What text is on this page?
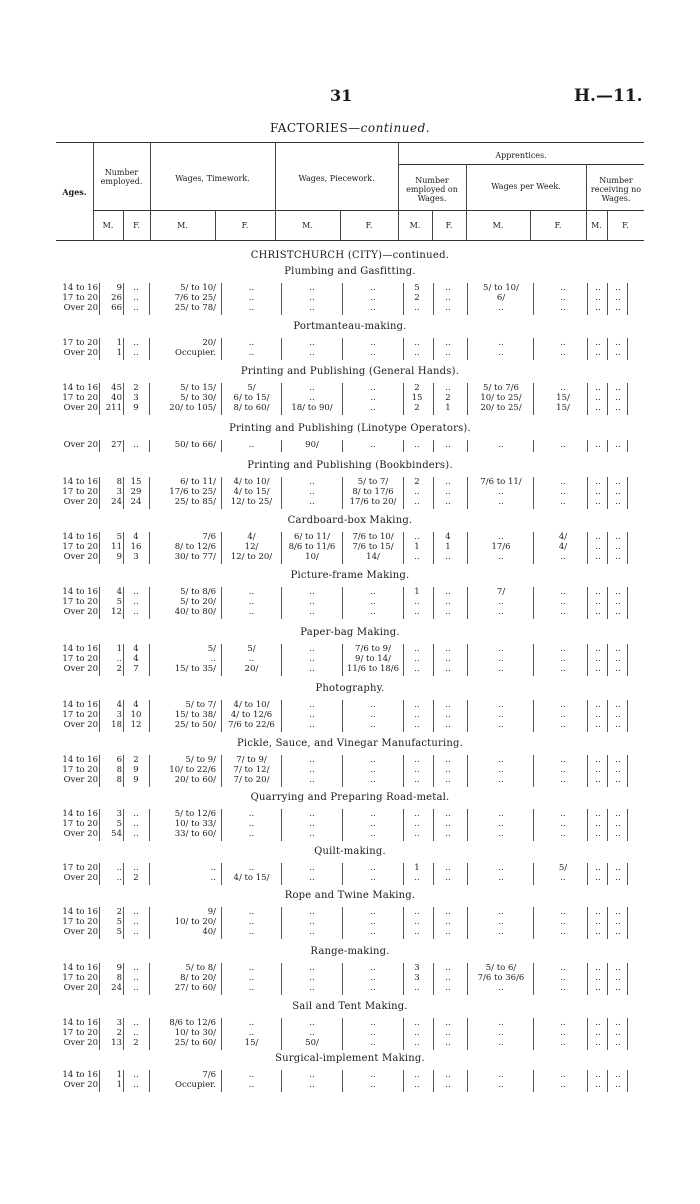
31	H.—11.
FACTORIES—continued.
Ages.
Number employed.	Wages, Timework.	Wages, Piecework.
Apprentices.
Number employed on Wages.
Wages per Week.
Number receiving no Wages.
M.	F.	M.	F.	M.	F.	M.	F.	M.	F.	M.	F.
CHRISTCHURCH (CITY)—continued.
Plumbing and Gasfitting.
14 to 16	9	..	5/ to 10/	..	..	..	5	..	5/ to 10/	..	..	..
17 to 20	26	..	7/6 to 25/	..	..	..	2	..	6/	..	..	..
Over 20	66	..	25/ to 78/	..	..	..	..	..	..	..	..	..
Portmanteau-making.
17 to 20	1	..	20/	..	..	..	..	..	..	..	..	..
Over 20	1	..	Occupier.	..	..	..	..	..	..	..	..	..
Printing and Publishing (General Hands).
14 to 16	45	2	5/ to 15/	5/	..	..	2	..	5/ to 7/6	..	..	..
17 to 20	40	3	5/ to 30/	6/ to 15/	..	..	15	2	10/ to 25/	15/	..	..
Over 20 211	9	20/ to 105/	8/ to 60/	18/ to 90/	..	2	1	20/ to 25/	15/	..	..
Printing and Publishing (Linotype Operators).
Over 20	27	..	50/ to 66/	..	90/	..	..	..	..	..	..	..
Printing and Publishing (Bookbinders).
14 to 16	8	15	6/ to 11/	4/ to 10/	..	5/ to 7/	2	..	7/6 to 11/	..	..	..
17 to 20	3	29	17/6 to 25/	4/ to 15/	..	8/ to 17/6	..	..	..	..	..	..
Over 20	24	24	25/ to 85/	12/ to 25/	..	17/6 to 20/	..	..	..	..	..	..
Cardboard-box Making.
14 to 16	5	4	7/6	4/	6/ to 11/	7/6 to 10/	..	4	..	4/	..	..
17 to 20	11	16	8/ to 12/6	12/	8/6 to 11/6	7/6 to 15/	1	1	17/6	4/	..	..
Over 20	9	3	30/ to 77/	12/ to 20/	10/	14/	..	..	..	..	..	..
Picture-frame Making.
14 to 16	4	..	5/ to 8/6	..	..	..	1	..	7/	..	..	..
17 to 20	5	..	5/ to 20/	..	..	..	..	..	..	..	..	..
Over 20	12	..	40/ to 80/	..	..	..	..	..	..	..	..	..
Paper-bag Making.
14 to 16	1	4	5/	5/	..	7/6 to 9/	..	..	..	..	..	..
17 to 20	..	4	..	..	..	9/ to 14/	..	..	..	..	..	..
Over 20	2	7	15/ to 35/	20/	..	11/6 to 18/6	..	..	..	..	..	..
Photography.
14 to 16	4	4	5/ to 7/	4/ to 10/	..	..	..	..	..	..	..	..
17 to 20	3	10	15/ to 38/	4/ to 12/6	..	..	..	..	..	..	..	..
Over 20	18	12	25/ to 50/	7/6 to 22/6	..	..	..	..	..	..	..	..
Pickle, Sauce, and Vinegar Manufacturing.
14 to 16	6	2	5/ to 9/	7/ to 9/	..	..	..	..	..	..	..	..
17 to 20	8	9	10/ to 22/6	7/ to 12/	..	..	..	..	..	..	..	..
Over 20	8	9	20/ to 60/	7/ to 20/	..	..	..	..	..	..	..	..
Quarrying and Preparing Road-metal.
14 to 16	3	..	5/ to 12/6	..	..	..	..	..	..	..	..	..
17 to 20	5	..	10/ to 33/	..	..	..	..	..	..	..	..	..
Over 20	54	..	33/ to 60/	..	..	..	..	..	..	..	..	..
Quilt-making.
17 to 20	..	..	..	..	..	..	1	..	..	5/	..	..
Over 20	..	2	..	4/ to 15/	..	..	..	..	..	..	..	..
Rope and Twine Making.
14 to 16	2	..	9/	..	..	..	..	..	..	..	..	..
17 to 20	5	..	10/ to 20/	..	..	..	..	..	..	..	..	..
Over 20	5	..	40/	..	..	..	..	..	..	..	..	..
Range-making.
14 to 16	9	..	5/ to 8/	..	..	..	3	..	5/ to 6/	..	..	..
17 to 20	8	..	8/ to 20/	..	..	..	3	..	7/6 to 36/6	..	..	..
Over 20	24	..	27/ to 60/	..	..	..	..	..	..	..	..	..
Sail and Tent Making.
14 to 16	3	..	8/6 to 12/6	..	..	..	..	..	..	..	..	..
17 to 20	2	..	10/ to 30/	..	..	..	..	..	..	..	..	..
Over 20	13	2	25/ to 60/	15/	50/	..	..	..	..	..	..	..
Surgical-implement Making.
14 to 16	1	..	7/6	..	..	..	..	..	..	..	..	..
Over 20	1	..	Occupier.	..	..	..	..	..	..	..	..	..
